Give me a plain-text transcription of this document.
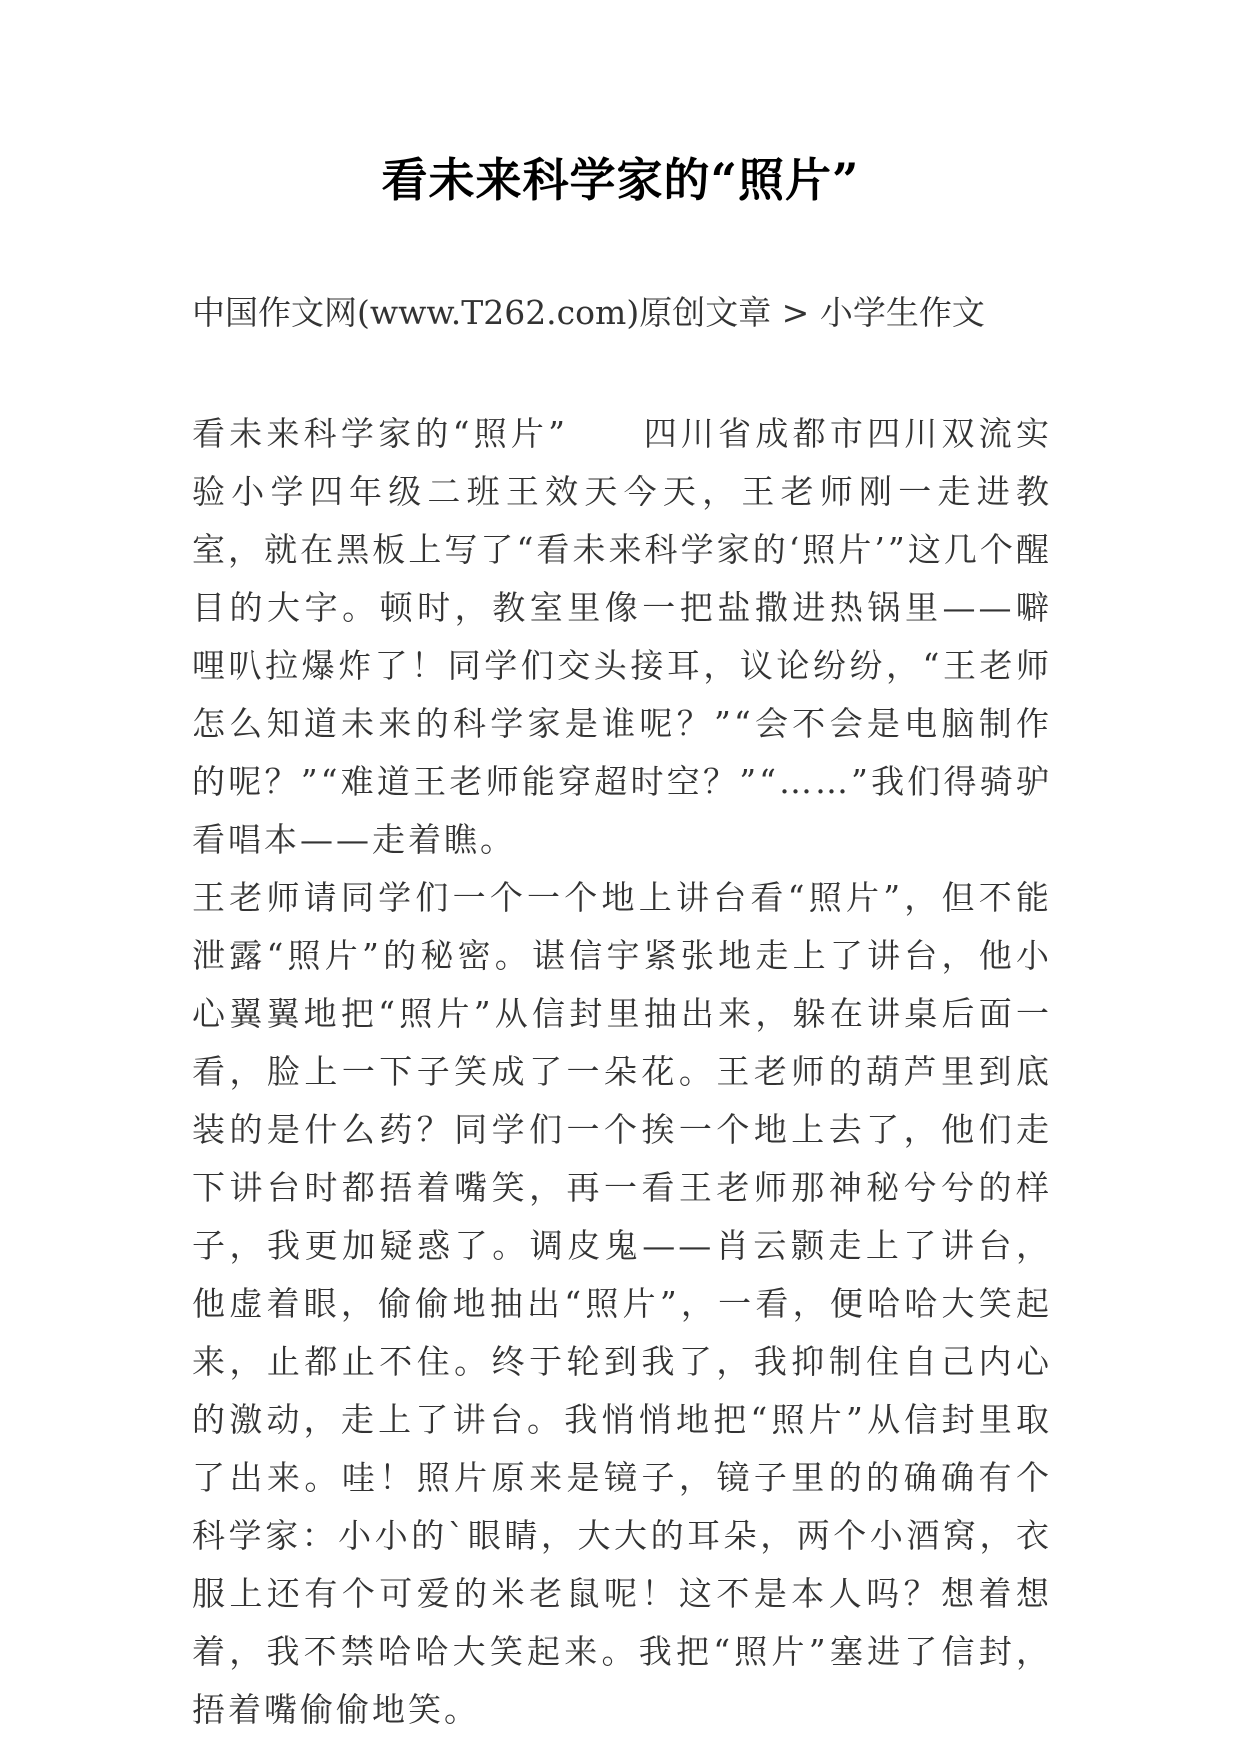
看未来科学家的“照片”
中国作文网(www.T262.com)原创文章 > 小学生作文

看未来科学家的“照片”　　四川省成都市四川双流实验小学四年级二班王效天今天，王老师刚一走进教室，就在黑板上写了“看未来科学家的‘照片’”这几个醒目的大字。顿时，教室里像一把盐撒进热锅里——噼哩叭拉爆炸了！同学们交头接耳，议论纷纷，“王老师怎么知道未来的科学家是谁呢？”“会不会是电脑制作的呢？”“难道王老师能穿超时空？”“……”我们得骑驴看唱本——走着瞧。

王老师请同学们一个一个地上讲台看“照片”，但不能泄露“照片”的秘密。谌信宇紧张地走上了讲台，他小心翼翼地把“照片”从信封里抽出来，躲在讲桌后面一看，脸上一下子笑成了一朵花。王老师的葫芦里到底装的是什么药？同学们一个挨一个地上去了，他们走下讲台时都捂着嘴笑，再一看王老师那神秘兮兮的样子，我更加疑惑了。调皮鬼——肖云颢走上了讲台，他虚着眼，偷偷地抽出“照片”，一看，便哈哈大笑起来，止都止不住。终于轮到我了，我抑制住自己内心的激动，走上了讲台。我悄悄地把“照片”从信封里取了出来。哇！照片原来是镜子，镜子里的的确确有个科学家：小小的`眼睛，大大的耳朵，两个小酒窝，衣服上还有个可爱的米老鼠呢！这不是本人吗？想着想着，我不禁哈哈大笑起来。我把“照片”塞进了信封，捂着嘴偷偷地笑。
